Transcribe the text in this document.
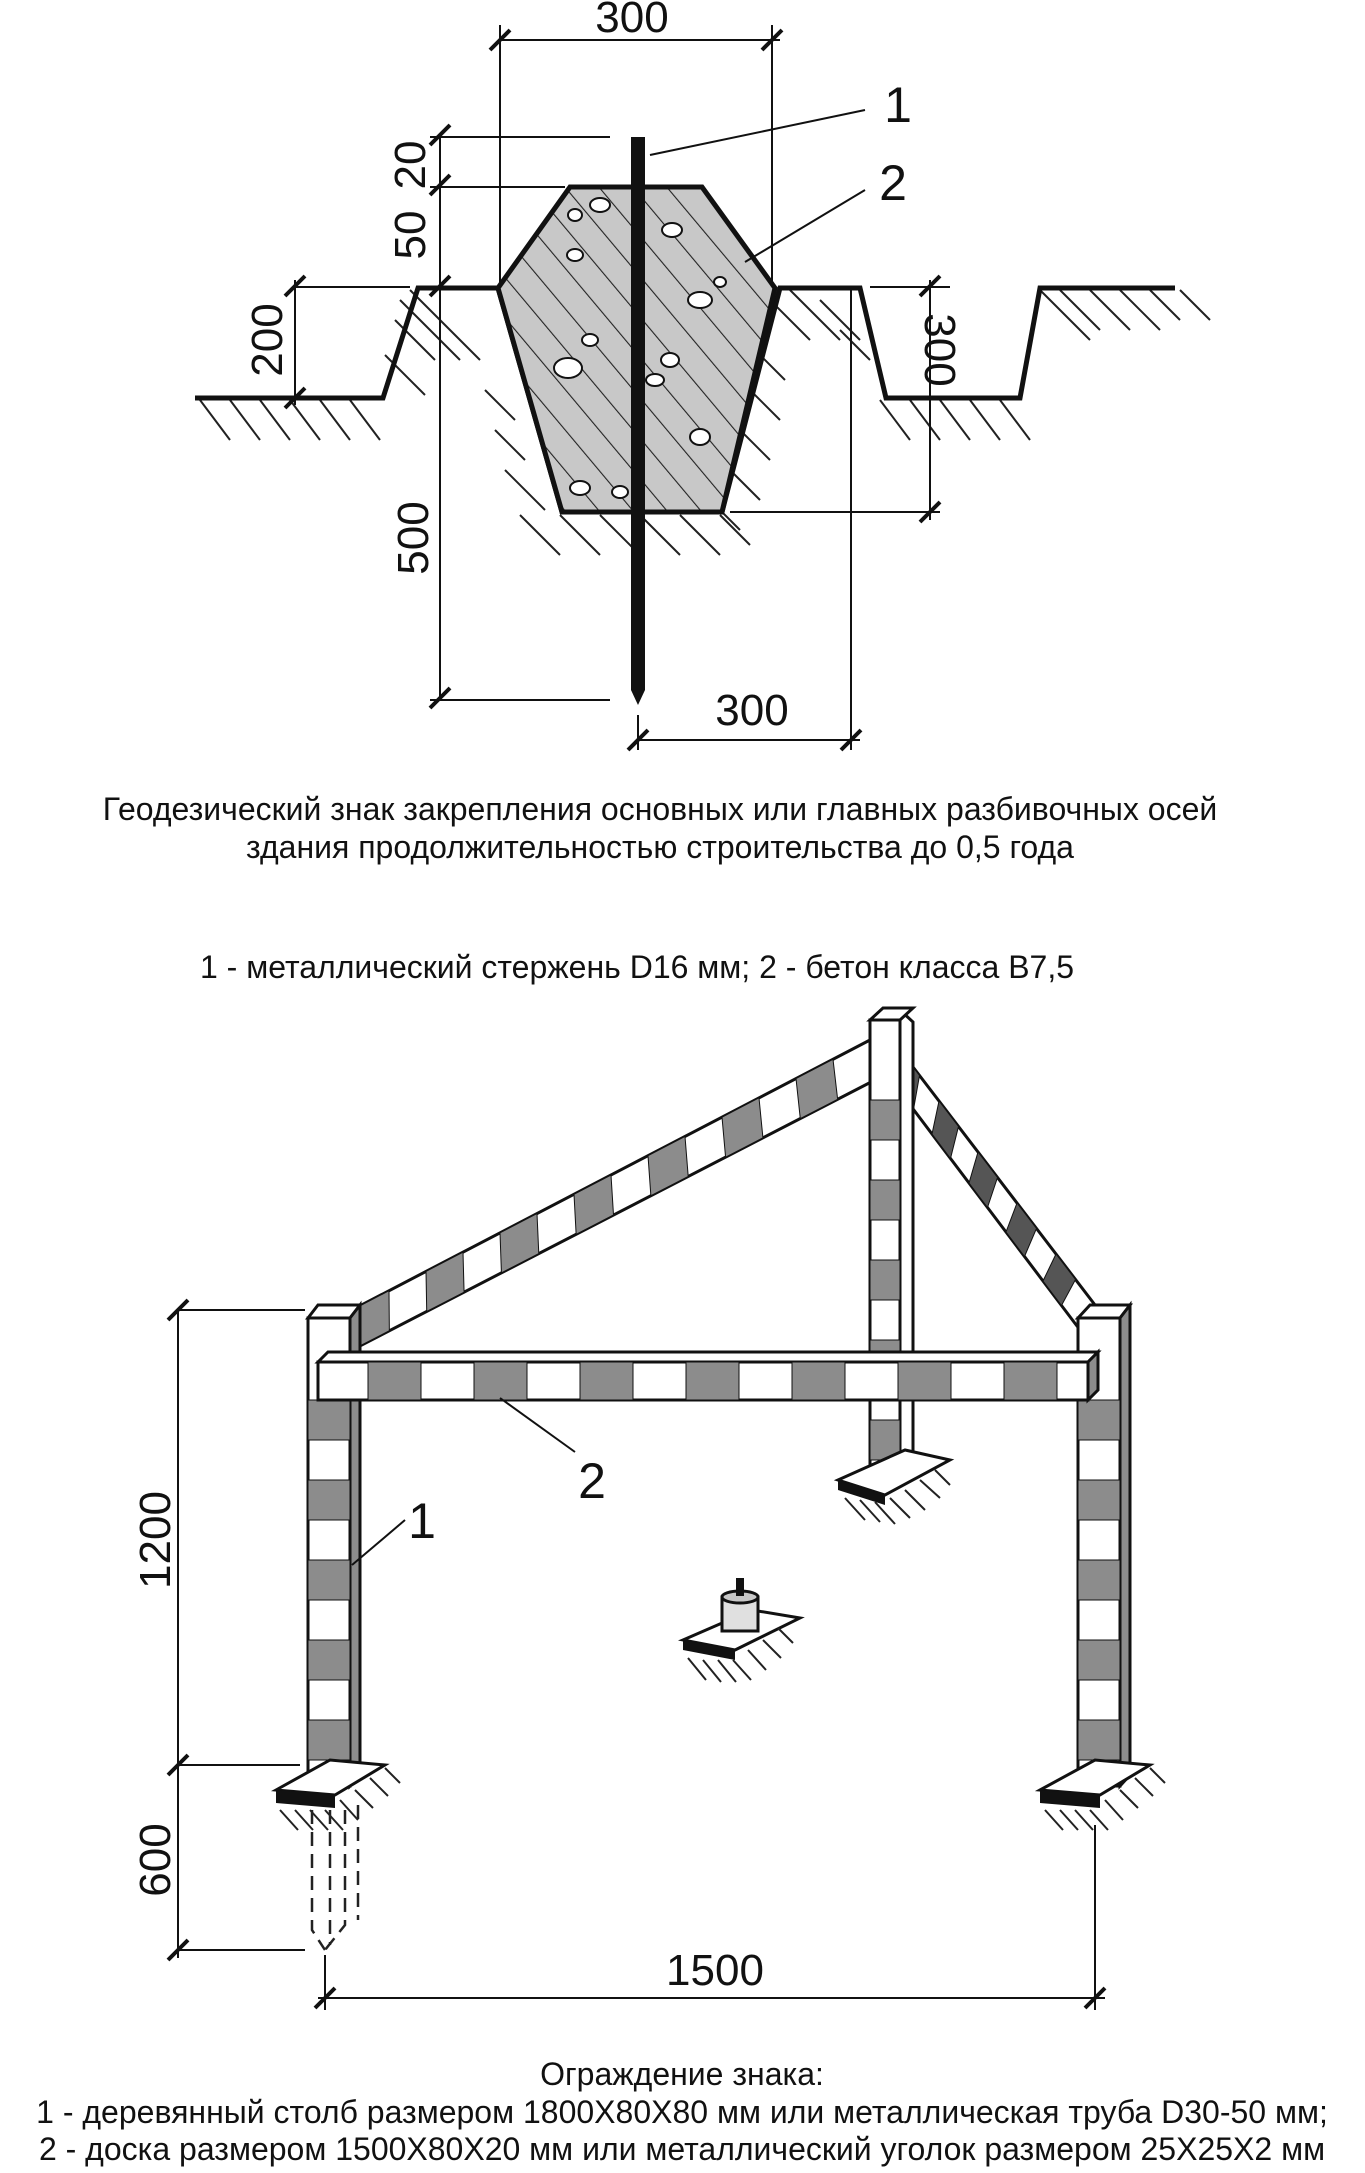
300
20
50
200	300
500
300
1
2
Геодезический знак закрепления основных или главных разбивочных осей
здания продолжительностью строительства до 0,5 года
1 - металлический стержень D16 мм; 2 - бетон класса В7,5
1200
600
1500
2
1
Ограждение знака:
1 - деревянный столб размером 1800Х80Х80 мм или металлическая труба D30-50 мм;
2 - доска размером 1500Х80Х20 мм или металлический уголок размером 25Х25Х2 мм
